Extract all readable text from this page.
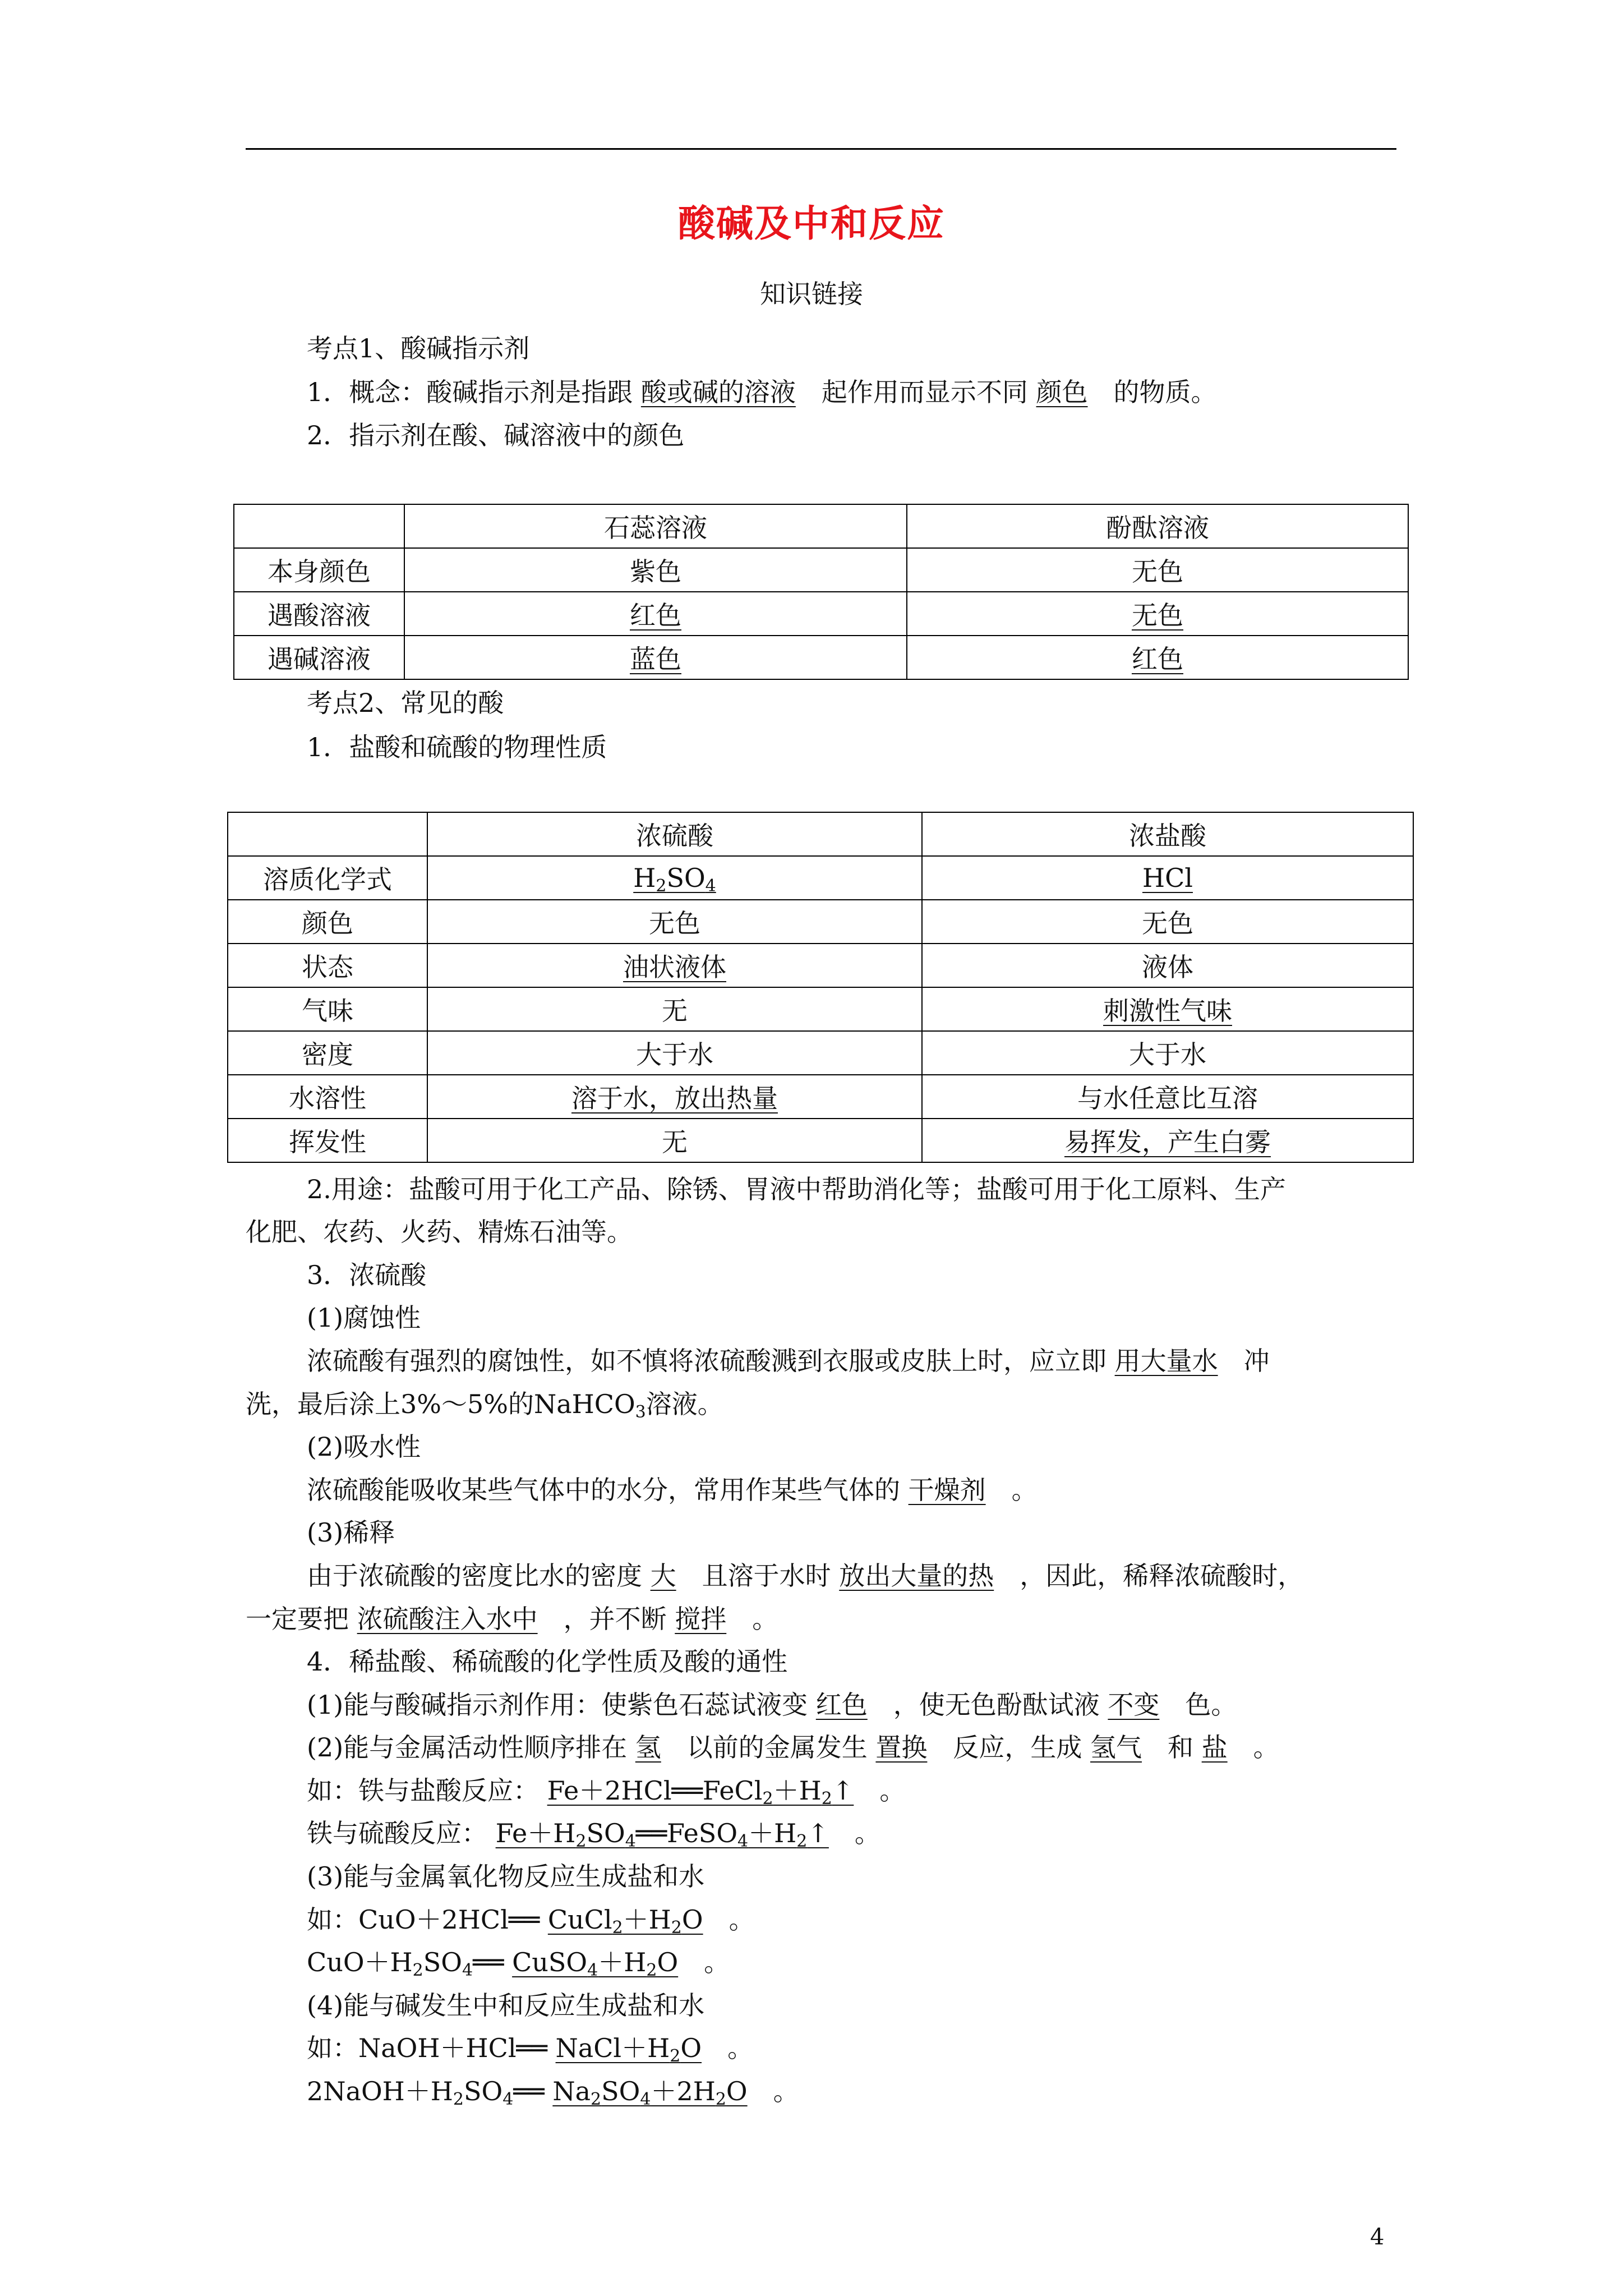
酸碱及中和反应
知识链接
考点1、酸碱指示剂
1．概念：酸碱指示剂是指跟 酸或碱的溶液  起作用而显示不同 颜色  的物质。
2．指示剂在酸、碱溶液中的颜色
	石蕊溶液	酚酞溶液
本身颜色	紫色	无色
遇酸溶液	红色	无色
遇碱溶液	蓝色	红色
考点2、常见的酸
1．盐酸和硫酸的物理性质
	浓硫酸	浓盐酸
溶质化学式	$H_2SO_4$	HCl
颜色	无色	无色
状态	油状液体	液体
气味	无	刺激性气味
密度	大于水	大于水
水溶性	溶于水，放出热量	与水任意比互溶
挥发性	无	易挥发，产生白雾
2.用途：盐酸可用于化工产品、除锈、胃液中帮助消化等；盐酸可用于化工原料、生产
化肥、农药、火药、精炼石油等。
3．浓硫酸
(1)腐蚀性
浓硫酸有强烈的腐蚀性，如不慎将浓硫酸溅到衣服或皮肤上时，应立即 用大量水  冲
洗，最后涂上3%～5%的NaHCO$_3$溶液。
(2)吸水性
浓硫酸能吸收某些气体中的水分，常用作某些气体的 干燥剂  。
(3)稀释
由于浓硫酸的密度比水的密度 大  且溶于水时 放出大量的热  ，因此，稀释浓硫酸时，
一定要把 浓硫酸注入水中  ，并不断 搅拌  。
4．稀盐酸、稀硫酸的化学性质及酸的通性
(1)能与酸碱指示剂作用：使紫色石蕊试液变 红色  ，使无色酚酞试液 不变  色。
(2)能与金属活动性顺序排在 氢  以前的金属发生 置换  反应，生成 氢气  和 盐  。
如：铁与盐酸反应： $Fe+2HCl══FeCl_2+H_2↑$  。
铁与硫酸反应： $Fe+H_2SO_4══FeSO_4+H_2↑$  。
(3)能与金属氧化物反应生成盐和水
如：CuO＋2HCl══ $CuCl_2+H_2O$  。
$CuO+H_2SO_4══$ $CuSO_4+H_2O$  。
(4)能与碱发生中和反应生成盐和水
如：NaOH＋HCl══ $NaCl+H_2O$  。
$2NaOH+H_2SO_4══$ $Na_2SO_4+2H_2O$  。
4
